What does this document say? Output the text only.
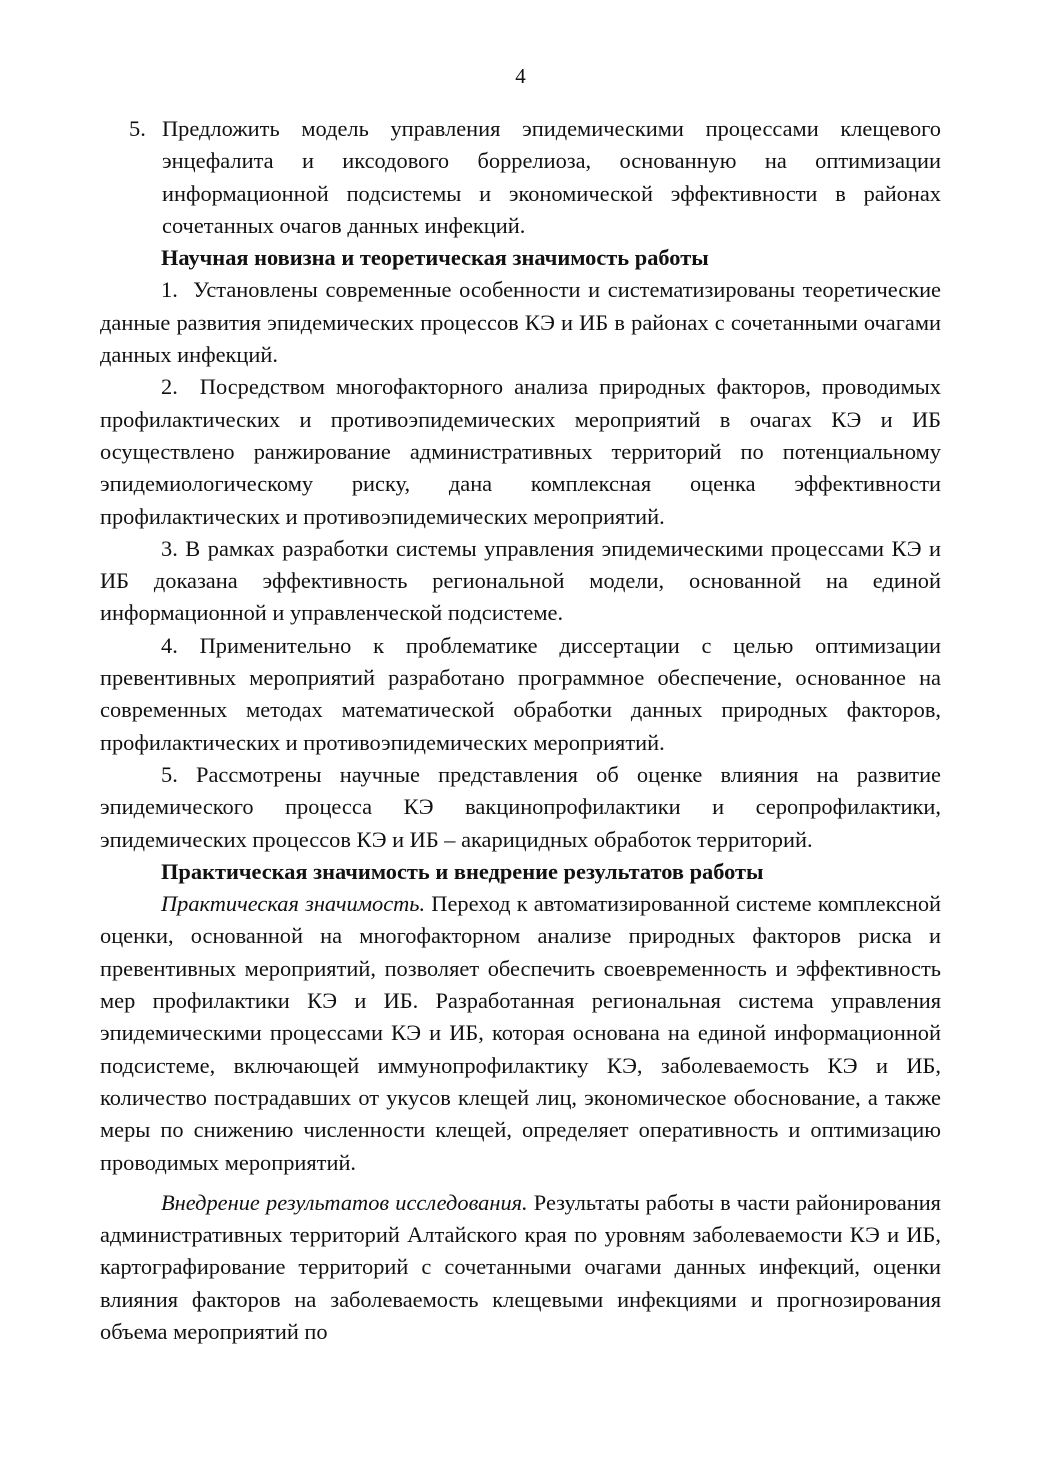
4

5. Предложить модель управления эпидемическими процессами клещевого энцефалита и иксодового боррелиоза, основанную на оптимизации информационной подсистемы и экономической эффективности в районах сочетанных очагов данных инфекций.

Научная новизна и теоретическая значимость работы

1.  Установлены современные особенности и систематизированы теоретические данные развития эпидемических процессов КЭ и ИБ в районах с сочетанными очагами данных инфекций.

2.  Посредством многофакторного анализа природных факторов, проводимых профилактических и противоэпидемических мероприятий в очагах КЭ и ИБ осуществлено ранжирование административных территорий по потенциальному эпидемиологическому риску, дана комплексная оценка эффективности профилактических и противоэпидемических мероприятий.

3. В рамках разработки системы управления эпидемическими процессами КЭ и ИБ доказана эффективность региональной модели, основанной на единой информационной и управленческой подсистеме.

4. Применительно к проблематике диссертации с целью оптимизации превентивных мероприятий разработано программное обеспечение, основанное на современных методах математической обработки данных природных факторов, профилактических и противоэпидемических мероприятий.

5. Рассмотрены научные представления об оценке влияния на развитие эпидемического процесса КЭ вакцинопрофилактики и серопрофилактики, эпидемических процессов КЭ и ИБ – акарицидных обработок территорий.

Практическая значимость и внедрение результатов работы

Практическая значимость. Переход к автоматизированной системе комплексной оценки, основанной на многофакторном анализе природных факторов риска и превентивных мероприятий, позволяет обеспечить своевременность и эффективность мер профилактики КЭ и ИБ. Разработанная региональная система управления эпидемическими процессами КЭ и ИБ, которая основана на единой информационной подсистеме, включающей иммунопрофилактику КЭ, заболеваемость КЭ и ИБ, количество пострадавших от укусов клещей лиц, экономическое обоснование, а также меры по снижению численности клещей, определяет оперативность и оптимизацию проводимых мероприятий.

Внедрение результатов исследования. Результаты работы в части районирования административных территорий Алтайского края по уровням заболеваемости КЭ и ИБ, картографирование территорий с сочетанными очагами данных инфекций, оценки влияния факторов на заболеваемость клещевыми инфекциями и прогнозирования объема мероприятий по
